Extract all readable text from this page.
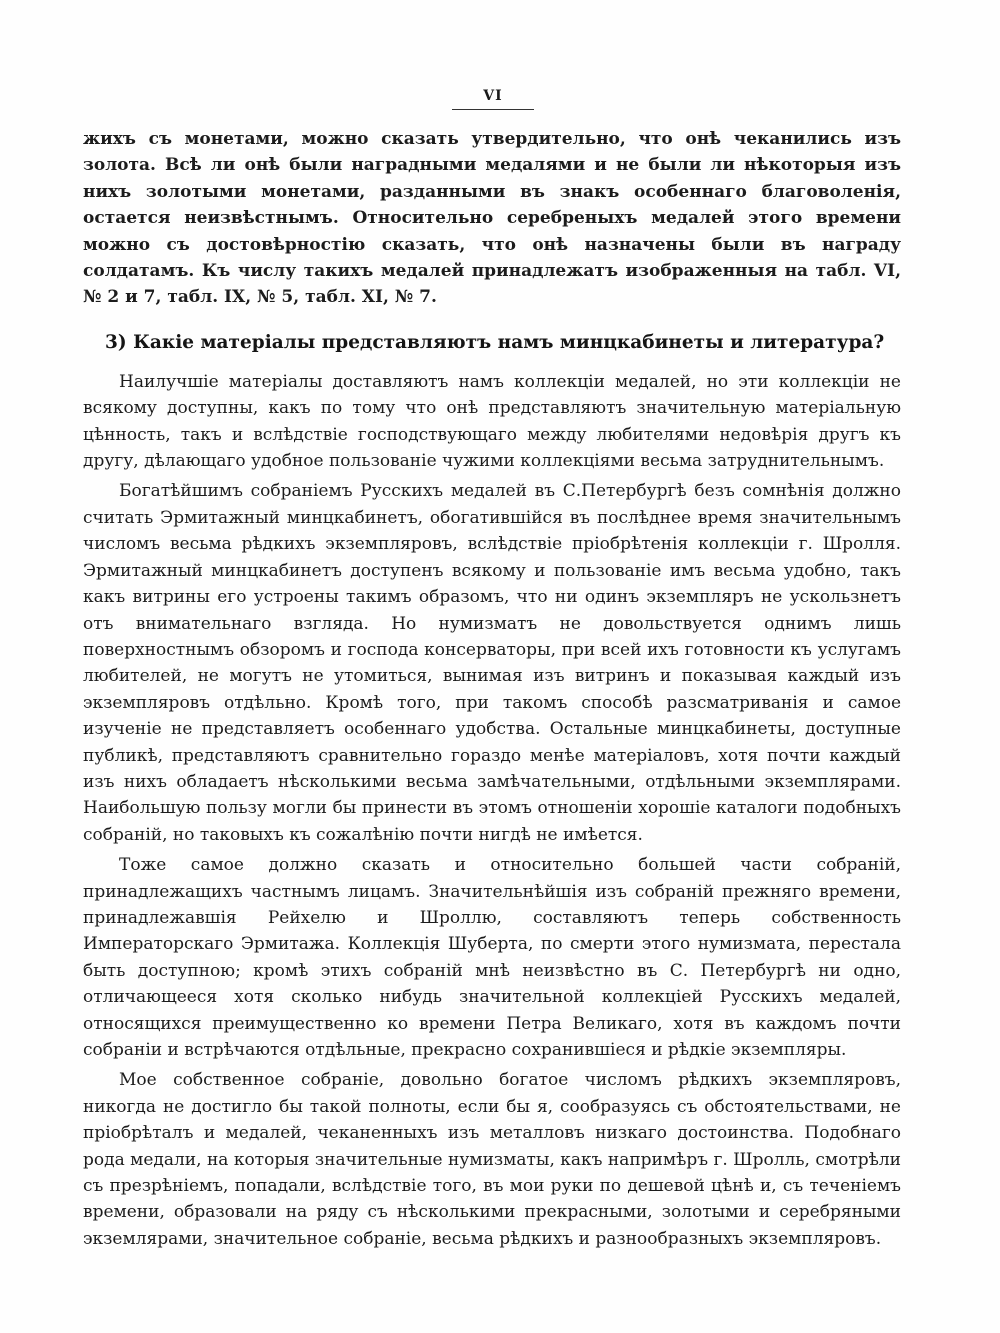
VI

жихъ съ монетами, можно сказать утвердительно, что онѣ чеканились изъ золота. Всѣ ли онѣ были наградными медалями и не были ли нѣкоторыя изъ нихъ золотыми монетами, разданными въ знакъ особеннаго благоволенія, остается неизвѣстнымъ. Относительно серебреныхъ медалей этого времени можно съ достовѣрностію сказать, что онѣ назначены были въ награду солдатамъ. Къ числу такихъ медалей принадлежатъ изображенныя на табл. VI, № 2 и 7, табл. IX, № 5, табл. XI, № 7.

3) Какіе матеріалы представляютъ намъ минцкабинеты и литература?

Наилучшіе матеріалы доставляютъ намъ коллекціи медалей, но эти коллекціи не всякому доступны, какъ по тому что онѣ представляютъ значительную матеріальную цѣнность, такъ и вслѣдствіе господствующаго между любителями недовѣрія другъ къ другу, дѣлающаго удобное пользованіе чужими коллекціями весьма затруднительнымъ.

Богатѣйшимъ собраніемъ Русскихъ медалей въ С.Петербургѣ безъ сомнѣнія должно считать Эрмитажный минцкабинетъ, обогатившійся въ послѣднее время значительнымъ числомъ весьма рѣдкихъ экземпляровъ, вслѣдствіе пріобрѣтенія коллекціи г. Шролля. Эрмитажный минцкабинетъ доступенъ всякому и пользованіе имъ весьма удобно, такъ какъ витрины его устроены такимъ образомъ, что ни одинъ экземпляръ не ускользнетъ отъ внимательнаго взгляда. Но нумизматъ не довольствуется однимъ лишь поверхностнымъ обзоромъ и господа консерваторы, при всей ихъ готовности къ услугамъ любителей, не могутъ не утомиться, вынимая изъ витринъ и показывая каждый изъ экземпляровъ отдѣльно. Кромѣ того, при такомъ способѣ разсматриванія и самое изученіе не представляетъ особеннаго удобства. Остальные минцкабинеты, доступные публикѣ, представляютъ сравнительно гораздо менѣе матеріаловъ, хотя почти каждый изъ нихъ обладаетъ нѣсколькими весьма замѣчательными, отдѣльными экземплярами. Наибольшую пользу могли бы принести въ этомъ отношеніи хорошіе каталоги подобныхъ собраній, но таковыхъ къ сожалѣнію почти нигдѣ не имѣется.

Тоже самое должно сказать и относительно большей части собраній, принадлежащихъ частнымъ лицамъ. Значительнѣйшія изъ собраній прежняго времени, принадлежавшія Рейхелю и Шроллю, составляютъ теперь собственность Императорскаго Эрмитажа. Коллекція Шуберта, по смерти этого нумизмата, перестала быть доступною; кромѣ этихъ собраній мнѣ неизвѣстно въ С. Петербургѣ ни одно, отличающееся хотя сколько нибудь значительной коллекціей Русскихъ медалей, относящихся преимущественно ко времени Петра Великаго, хотя въ каждомъ почти собраніи и встрѣчаются отдѣльные, прекрасно сохранившіеся и рѣдкіе экземпляры.

Мое собственное собраніе, довольно богатое числомъ рѣдкихъ экземпляровъ, никогда не достигло бы такой полноты, если бы я, сообразуясь съ обстоятельствами, не пріобрѣталъ и медалей, чеканенныхъ изъ металловъ низкаго достоинства. Подобнаго рода медали, на которыя значительные нумизматы, какъ напримѣръ г. Шролль, смотрѣли съ презрѣніемъ, попадали, вслѣдствіе того, въ мои руки по дешевой цѣнѣ и, съ теченіемъ времени, образовали на ряду съ нѣсколькими прекрасными, золотыми и серебряными экземлярами, значительное собраніе, весьма рѣдкихъ и разнообразныхъ экземпляровъ.
